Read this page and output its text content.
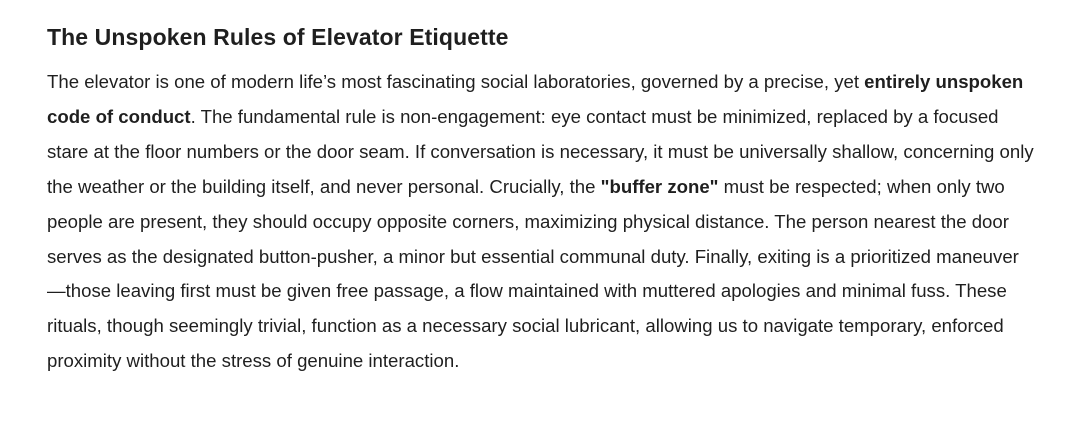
The Unspoken Rules of Elevator Etiquette

The elevator is one of modern life’s most fascinating social laboratories, governed by a precise, yet entirely unspoken code of conduct. The fundamental rule is non-engagement: eye contact must be minimized, replaced by a focused stare at the floor numbers or the door seam. If conversation is necessary, it must be universally shallow, concerning only the weather or the building itself, and never personal. Crucially, the "buffer zone" must be respected; when only two people are present, they should occupy opposite corners, maximizing physical distance. The person nearest the door serves as the designated button-pusher, a minor but essential communal duty. Finally, exiting is a prioritized maneuver—those leaving first must be given free passage, a flow maintained with muttered apologies and minimal fuss. These rituals, though seemingly trivial, function as a necessary social lubricant, allowing us to navigate temporary, enforced proximity without the stress of genuine interaction.
